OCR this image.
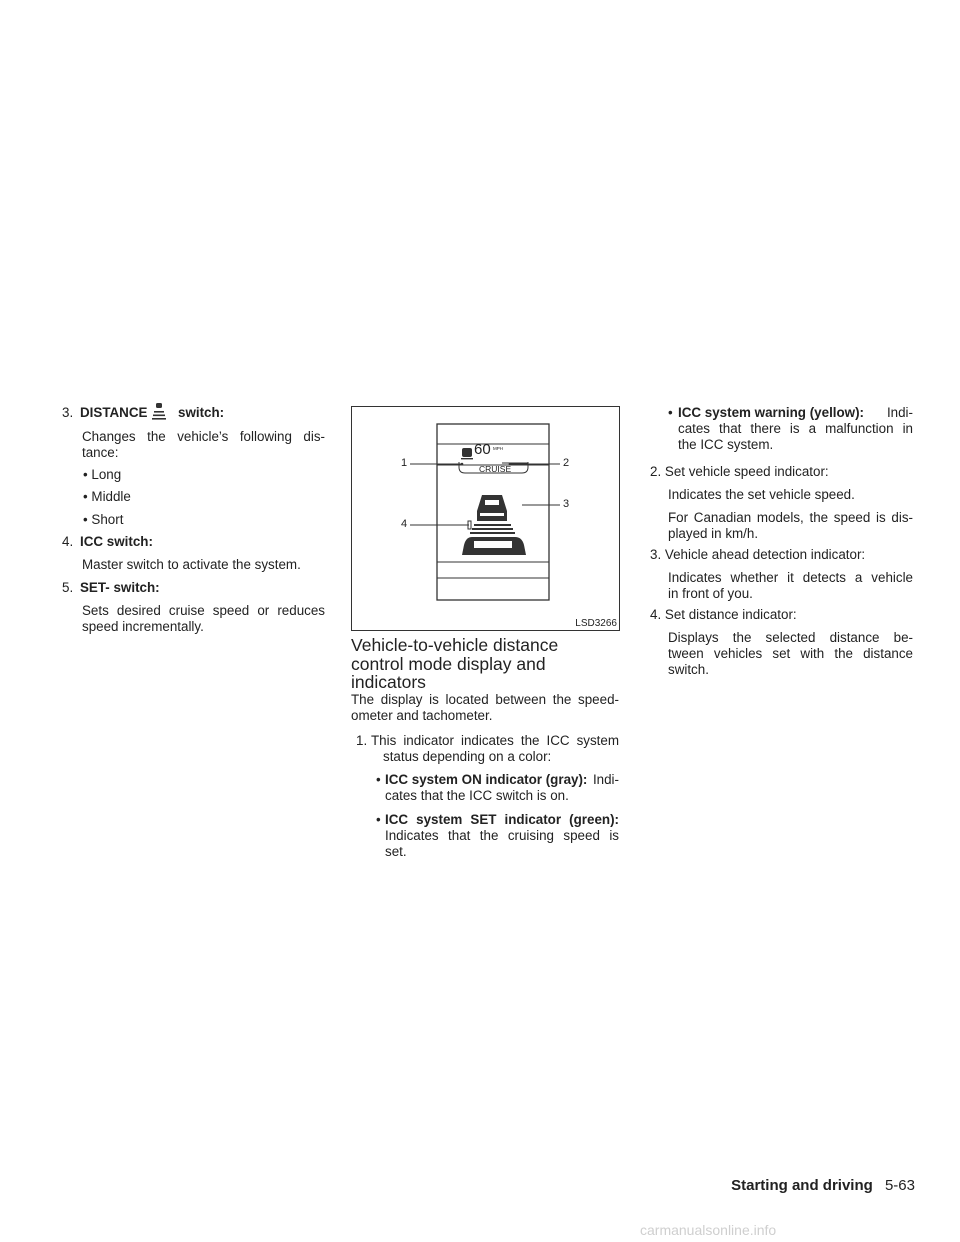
3. DISTANCE switch:
Changes the vehicle’s following dis-
tance:
• Long
• Middle
• Short
4. ICC switch:
Master switch to activate the system.
5. SET- switch:
Sets desired cruise speed or reduces
speed incrementally.
60 MPH
CRUISE
1	2
3
4
LSD3266
Vehicle-to-vehicle distance
control mode display and
indicators
The display is located between the speed-
ometer and tachometer.
1. This indicator indicates the ICC system
status depending on a color:
• ICC system ON indicator (gray): Indi-
cates that the ICC switch is on.
• ICC system SET indicator (green):
Indicates that the cruising speed is
set.
• ICC system warning (yellow): Indi-
cates that there is a malfunction in
the ICC system.
2. Set vehicle speed indicator:
Indicates the set vehicle speed.
For Canadian models, the speed is dis-
played in km/h.
3. Vehicle ahead detection indicator:
Indicates whether it detects a vehicle
in front of you.
4. Set distance indicator:
Displays the selected distance be-
tween vehicles set with the distance
switch.
Starting and driving 5-63
carmanualsonline.info
